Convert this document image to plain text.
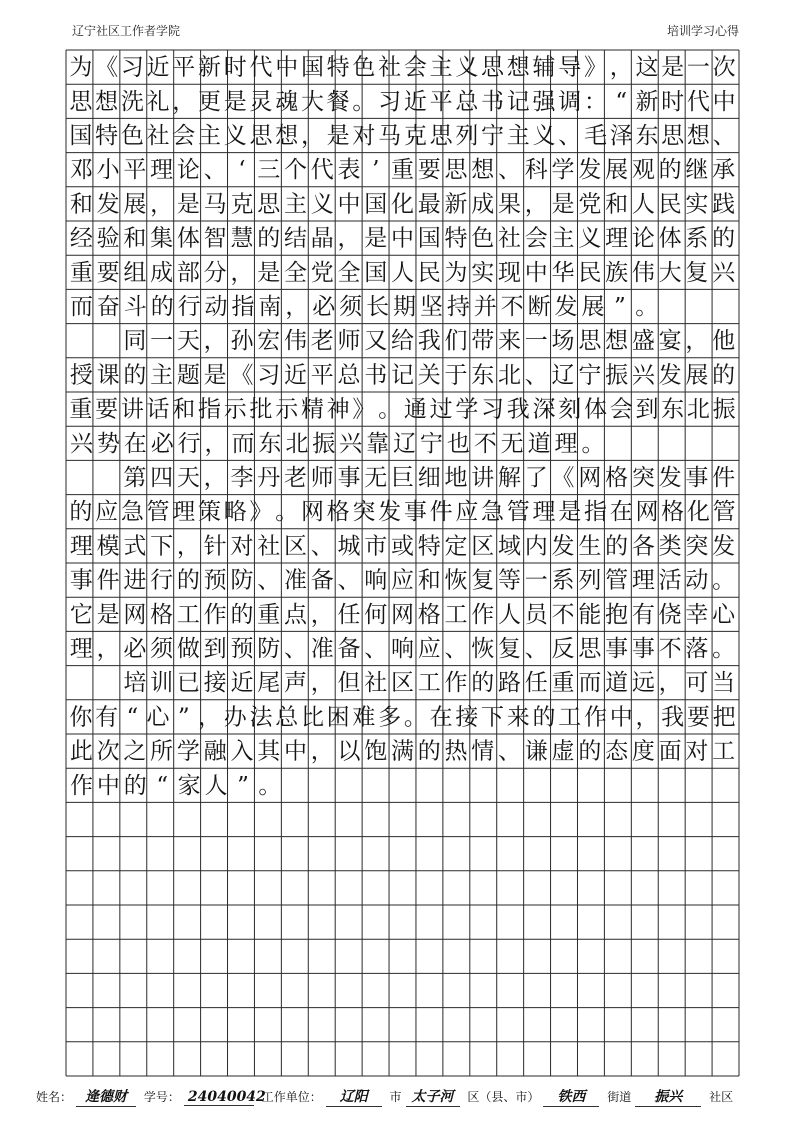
辽宁社区工作者学院	培训学习心得
为 《 习 近 平 新 时 代 中 国 特 色 社 会 主 义 思 想 辅 导 》 ， 这 是 一 次
思 想 洗 礼 ， 更 是 灵 魂 大 餐 。 习 近 平 总 书 记 强 调 ： “ 新 时 代 中
国 特 色 社 会 主 义 思 想 ， 是 对 马 克 思 列 宁 主 义 、 毛 泽 东 思 想 、
邓 小 平 理 论 、 ‘ 三 个 代 表 ’ 重 要 思 想 、 科 学 发 展 观 的 继 承
和 发 展 ， 是 马 克 思 主 义 中 国 化 最 新 成 果 ， 是 党 和 人 民 实 践
经 验 和 集 体 智 慧 的 结 晶 ， 是 中 国 特 色 社 会 主 义 理 论 体 系 的
重 要 组 成 部 分 ， 是 全 党 全 国 人 民 为 实 现 中 华 民 族 伟 大 复 兴
而 奋 斗 的 行 动 指 南 ， 必 须 长 期 坚 持 并 不 断 发 展 ” 。
同 一 天 ， 孙 宏 伟 老 师 又 给 我 们 带 来 一 场 思 想 盛 宴 ， 他
授 课 的 主 题 是 《 习 近 平 总 书 记 关 于 东 北 、 辽 宁 振 兴 发 展 的
重 要 讲 话 和 指 示 批 示 精 神 》 。 通 过 学 习 我 深 刻 体 会 到 东 北 振
兴 势 在 必 行 ， 而 东 北 振 兴 靠 辽 宁 也 不 无 道 理 。
第 四 天 ， 李 丹 老 师 事 无 巨 细 地 讲 解 了 《 网 格 突 发 事 件
的 应 急 管 理 策 略 》 。 网 格 突 发 事 件 应 急 管 理 是 指 在 网 格 化 管
理 模 式 下 ， 针 对 社 区 、 城 市 或 特 定 区 域 内 发 生 的 各 类 突 发
事 件 进 行 的 预 防 、 准 备 、 响 应 和 恢 复 等 一 系 列 管 理 活 动 。
它 是 网 格 工 作 的 重 点 ， 任 何 网 格 工 作 人 员 不 能 抱 有 侥 幸 心
理 ， 必 须 做 到 预 防 、 准 备 、 响 应 、 恢 复 、 反 思 事 事 不 落 。
培 训 已 接 近 尾 声 ， 但 社 区 工 作 的 路 任 重 而 道 远 ， 可 当
你 有 “ 心 ” ， 办 法 总 比 困 难 多 。 在 接 下 来 的 工 作 中 ， 我 要 把
此 次 之 所 学 融 入 其 中 ， 以 饱 满 的 热 情 、 谦 虚 的 态 度 面 对 工
作 中 的 “ 家 人 ” 。
姓名： 逄德财 学号： 24040042 工作单位： 辽阳 市 太子河 区（县、市） 铁西 街道 振兴 社区
